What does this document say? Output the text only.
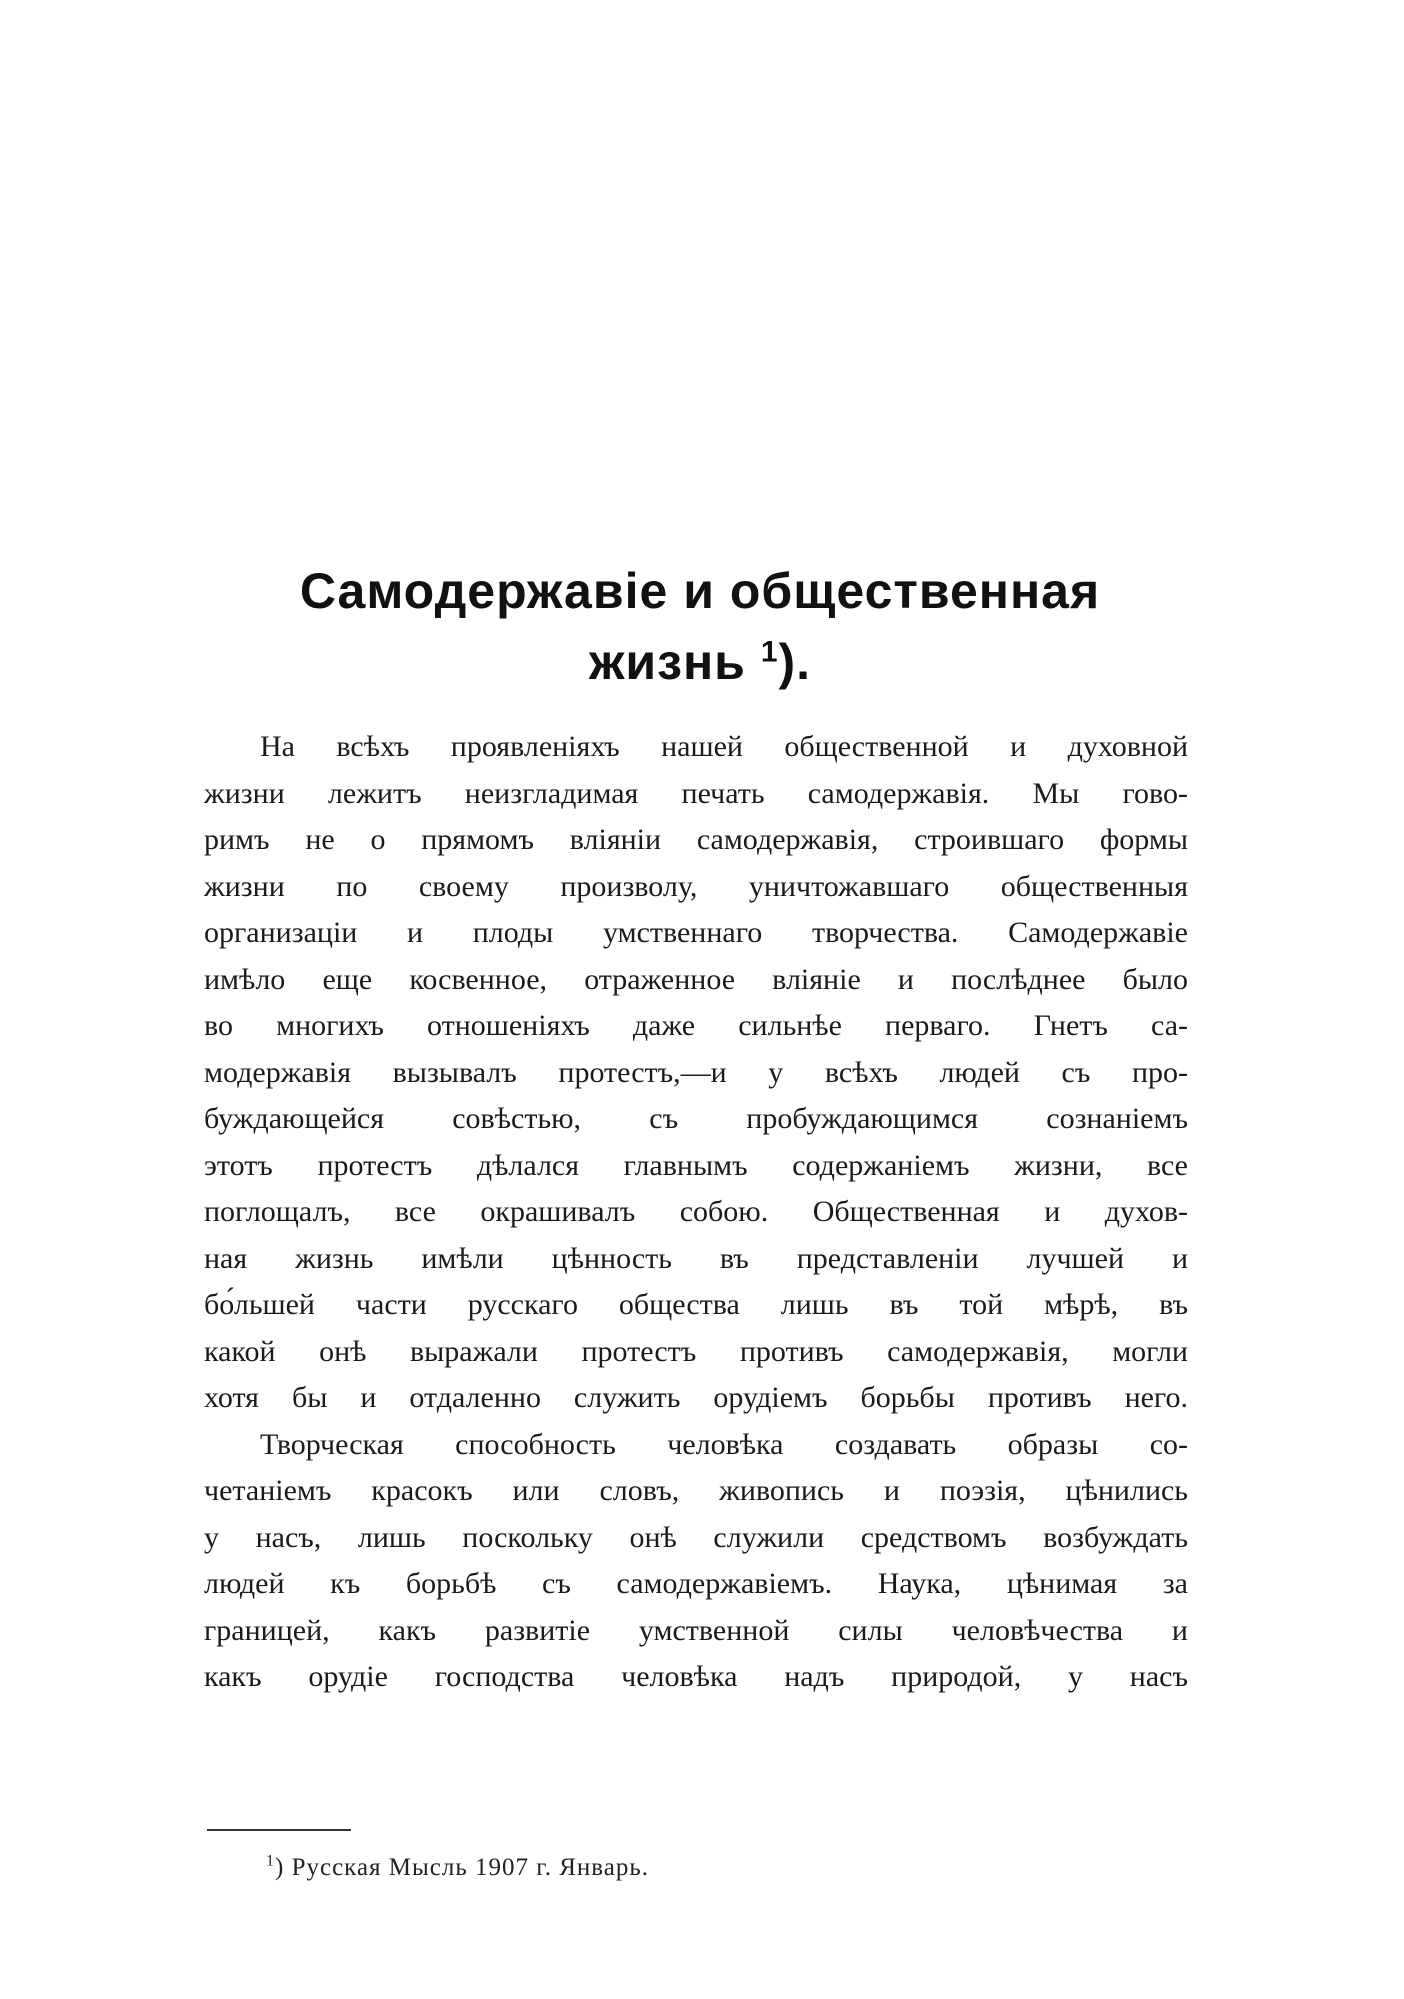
Самодержавіе и общественная
жизнь $^1$).
На всѣхъ проявленіяхъ нашей общественной и духовной
жизни лежитъ неизгладимая печать самодержавія. Мы гово-
римъ не о прямомъ вліяніи самодержавія, строившаго формы
жизни по своему произволу, уничтожавшаго общественныя
организаціи и плоды умственнаго творчества. Самодержавіе
имѣло еще косвенное, отраженное вліяніе и послѣднее было
во многихъ отношеніяхъ даже сильнѣе перваго. Гнетъ са-
модержавія вызывалъ протестъ,—и у всѣхъ людей съ про-
буждающейся совѣстью, съ пробуждающимся сознаніемъ
этотъ протестъ дѣлался главнымъ содержаніемъ жизни, все
поглощалъ, все окрашивалъ собою. Общественная и духов-
ная жизнь имѣли цѣнность въ представленіи лучшей и
бо́льшей части русскаго общества лишь въ той мѣрѣ, въ
какой онѣ выражали протестъ противъ самодержавія, могли
хотя бы и отдаленно служить орудіемъ борьбы противъ него.
Творческая способность человѣка создавать образы со-
четаніемъ красокъ или словъ, живопись и поэзія, цѣнились
у насъ, лишь поскольку онѣ служили средствомъ возбуждать
людей къ борьбѣ съ самодержавіемъ. Наука, цѣнимая за
границей, какъ развитіе умственной силы человѣчества и
какъ орудіе господства человѣка надъ природой, у насъ
$^1$) Русская Мысль 1907 г. Январь.
